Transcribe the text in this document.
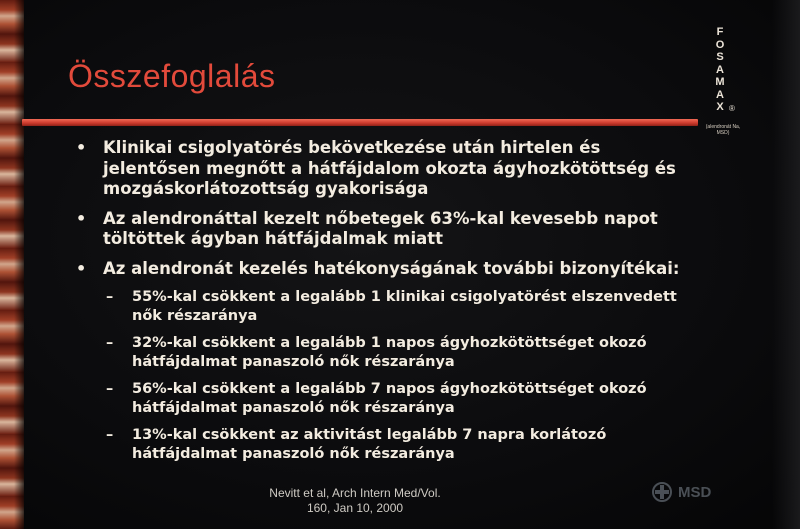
Összefoglalás
F
O
S
A
M
A
X ®
(alendronát Na, MSD)
• Klinikai csigolyatörés bekövetkezése után hirtelen és jelentősen megnőtt a hátfájdalom okozta ágyhozkötöttség és mozgáskorlátozottság gyakorisága
• Az alendronáttal kezelt nőbetegek 63%-kal kevesebb napot töltöttek ágyban hátfájdalmak miatt
• Az alendronát kezelés hatékonyságának további bizonyítékai:
– 55%-kal csökkent a legalább 1 klinikai csigolyatörést elszenvedett nők részaránya
– 32%-kal csökkent a legalább 1 napos ágyhozkötöttséget okozó hátfájdalmat panaszoló nők részaránya
– 56%-kal csökkent a legalább 7 napos ágyhozkötöttséget okozó hátfájdalmat panaszoló nők részaránya
– 13%-kal csökkent az aktivitást legalább 7 napra korlátozó hátfájdalmat panaszoló nők részaránya
Nevitt et al, Arch Intern Med/Vol.
160, Jan 10, 2000
MSD
